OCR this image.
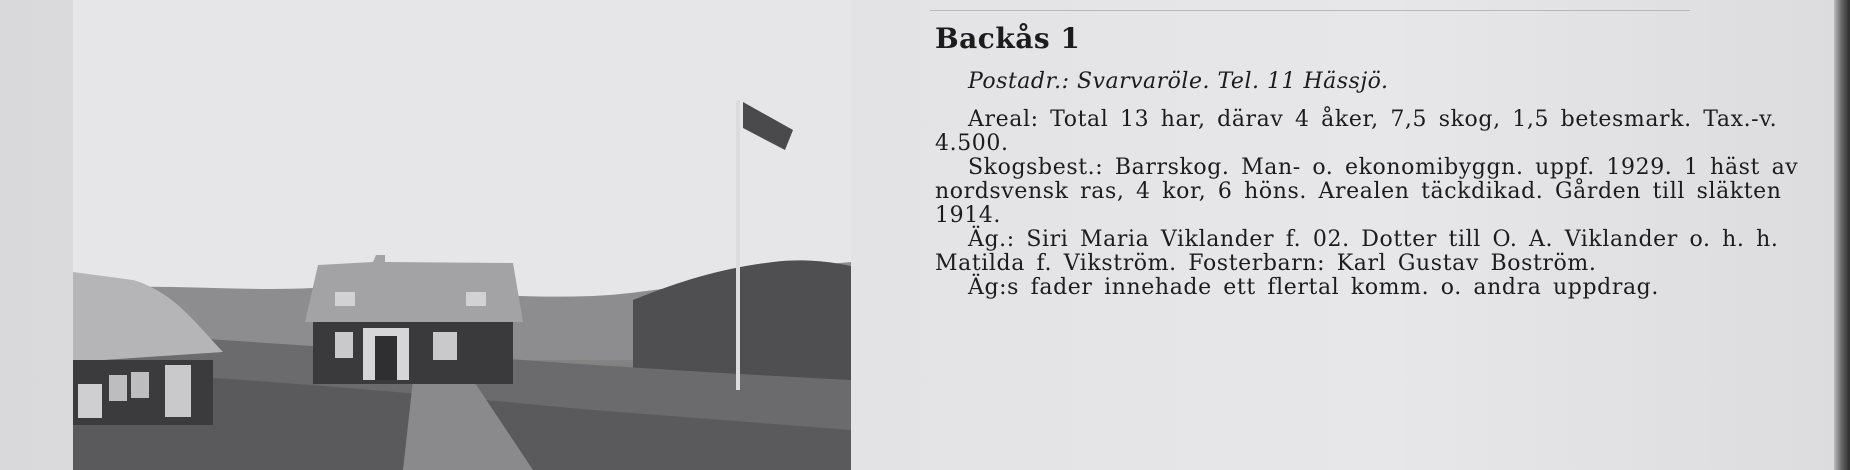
Backås 1
Postadr.: Svarvaröle. Tel. 11 Hässjö.

Areal: Total 13 har, därav 4 åker, 7,5 skog, 1,5 betesmark. Tax.-v. 4.500.

Skogsbest.: Barrskog. Man- o. ekonomibyggn. uppf. 1929. 1 häst av nordsvensk ras, 4 kor, 6 höns. Arealen täckdikad. Gården till släkten 1914.

Äg.: Siri Maria Viklander f. 02. Dotter till O. A. Viklander o. h. h. Matilda f. Vikström. Fosterbarn: Karl Gustav Boström.

Äg:s fader innehade ett flertal komm. o. andra uppdrag.
